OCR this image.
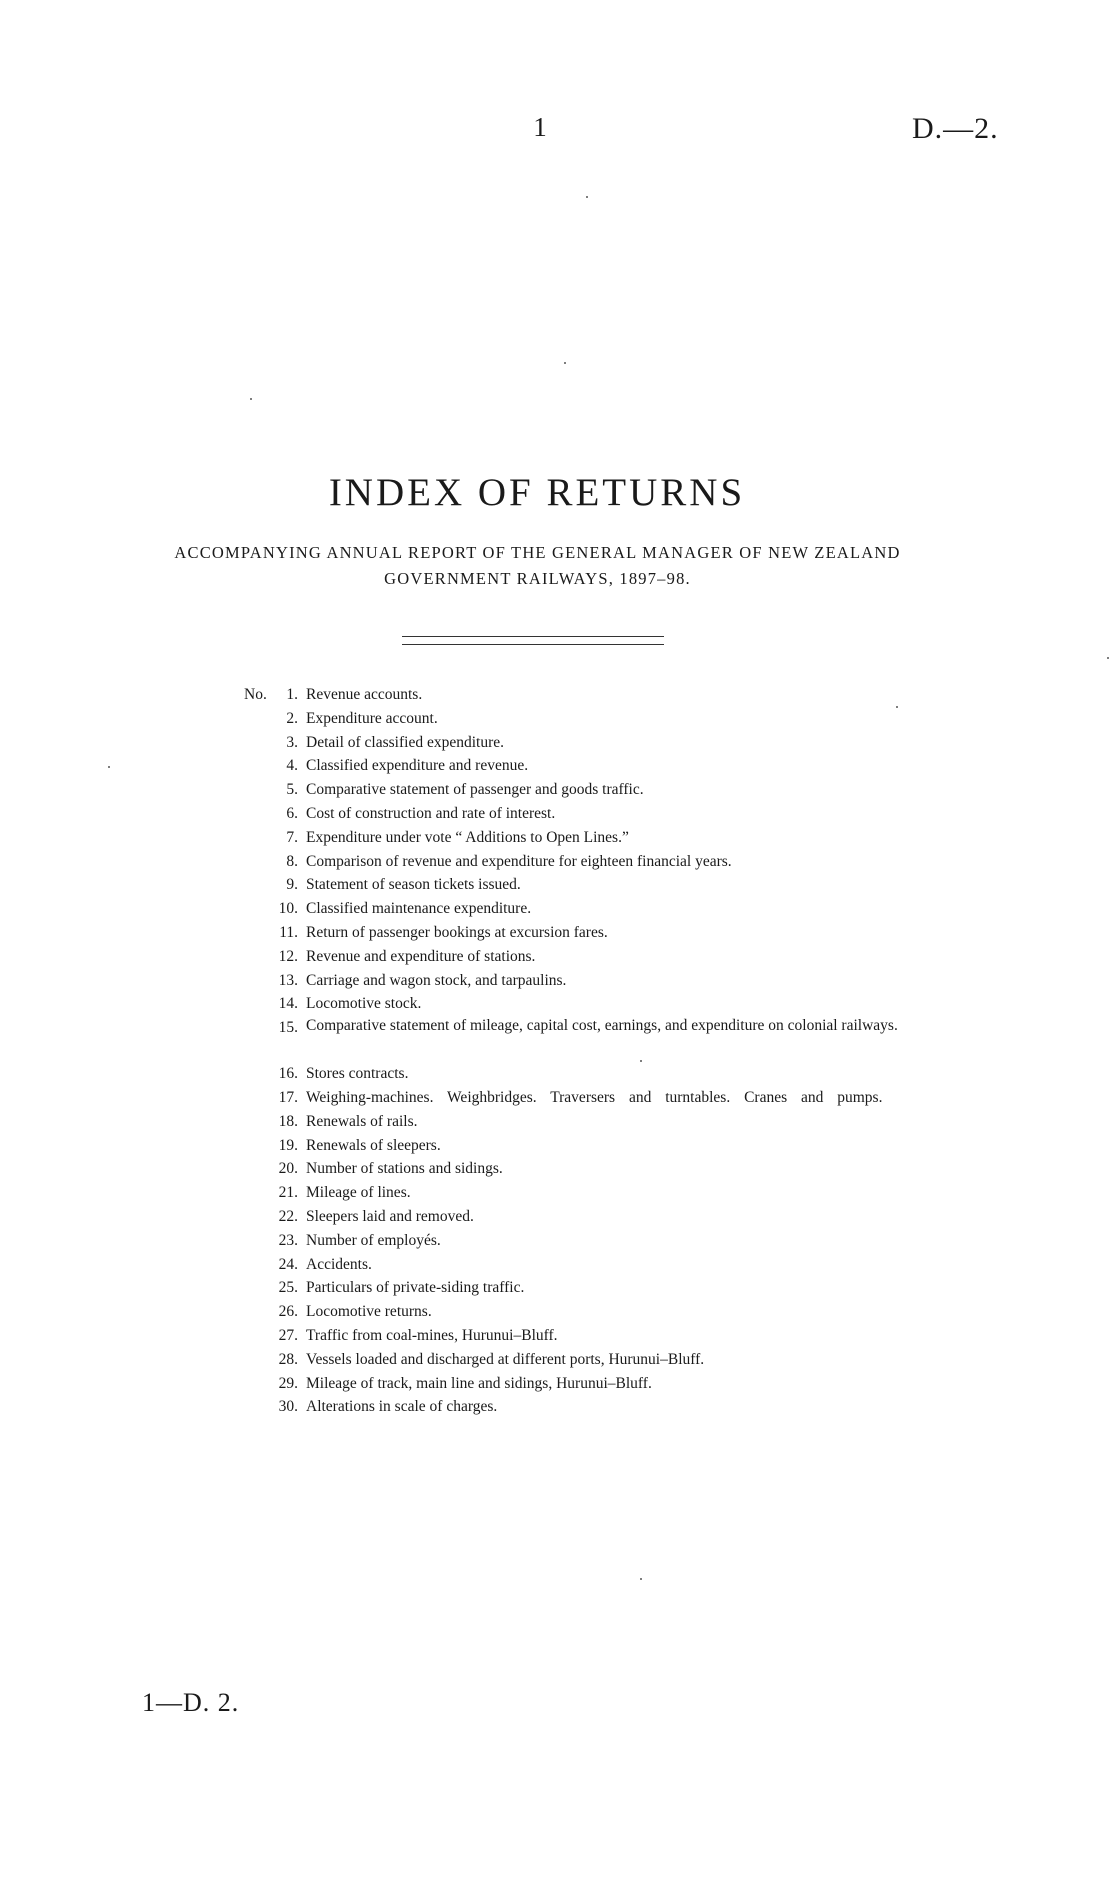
1	D.—2.
INDEX OF RETURNS
ACCOMPANYING ANNUAL REPORT OF THE GENERAL MANAGER OF NEW ZEALAND
GOVERNMENT RAILWAYS, 1897–98.
No.	1. Revenue accounts.
2. Expenditure account.
3. Detail of classified expenditure.
4. Classified expenditure and revenue.
5. Comparative statement of passenger and goods traffic.
6. Cost of construction and rate of interest.
7. Expenditure under vote “ Additions to Open Lines.”
8. Comparison of revenue and expenditure for eighteen financial years.
9. Statement of season tickets issued.
10. Classified maintenance expenditure.
11. Return of passenger bookings at excursion fares.
12. Revenue and expenditure of stations.
13. Carriage and wagon stock, and tarpaulins.
14. Locomotive stock.
15. Comparative statement of mileage, capital cost, earnings, and expenditure on colonial railways.
16. Stores contracts.
17. Weighing-machines. Weighbridges. Traversers and turntables. Cranes and pumps.
18. Renewals of rails.
19. Renewals of sleepers.
20. Number of stations and sidings.
21. Mileage of lines.
22. Sleepers laid and removed.
23. Number of employés.
24. Accidents.
25. Particulars of private-siding traffic.
26. Locomotive returns.
27. Traffic from coal-mines, Hurunui–Bluff.
28. Vessels loaded and discharged at different ports, Hurunui–Bluff.
29. Mileage of track, main line and sidings, Hurunui–Bluff.
30. Alterations in scale of charges.
1—D. 2.
